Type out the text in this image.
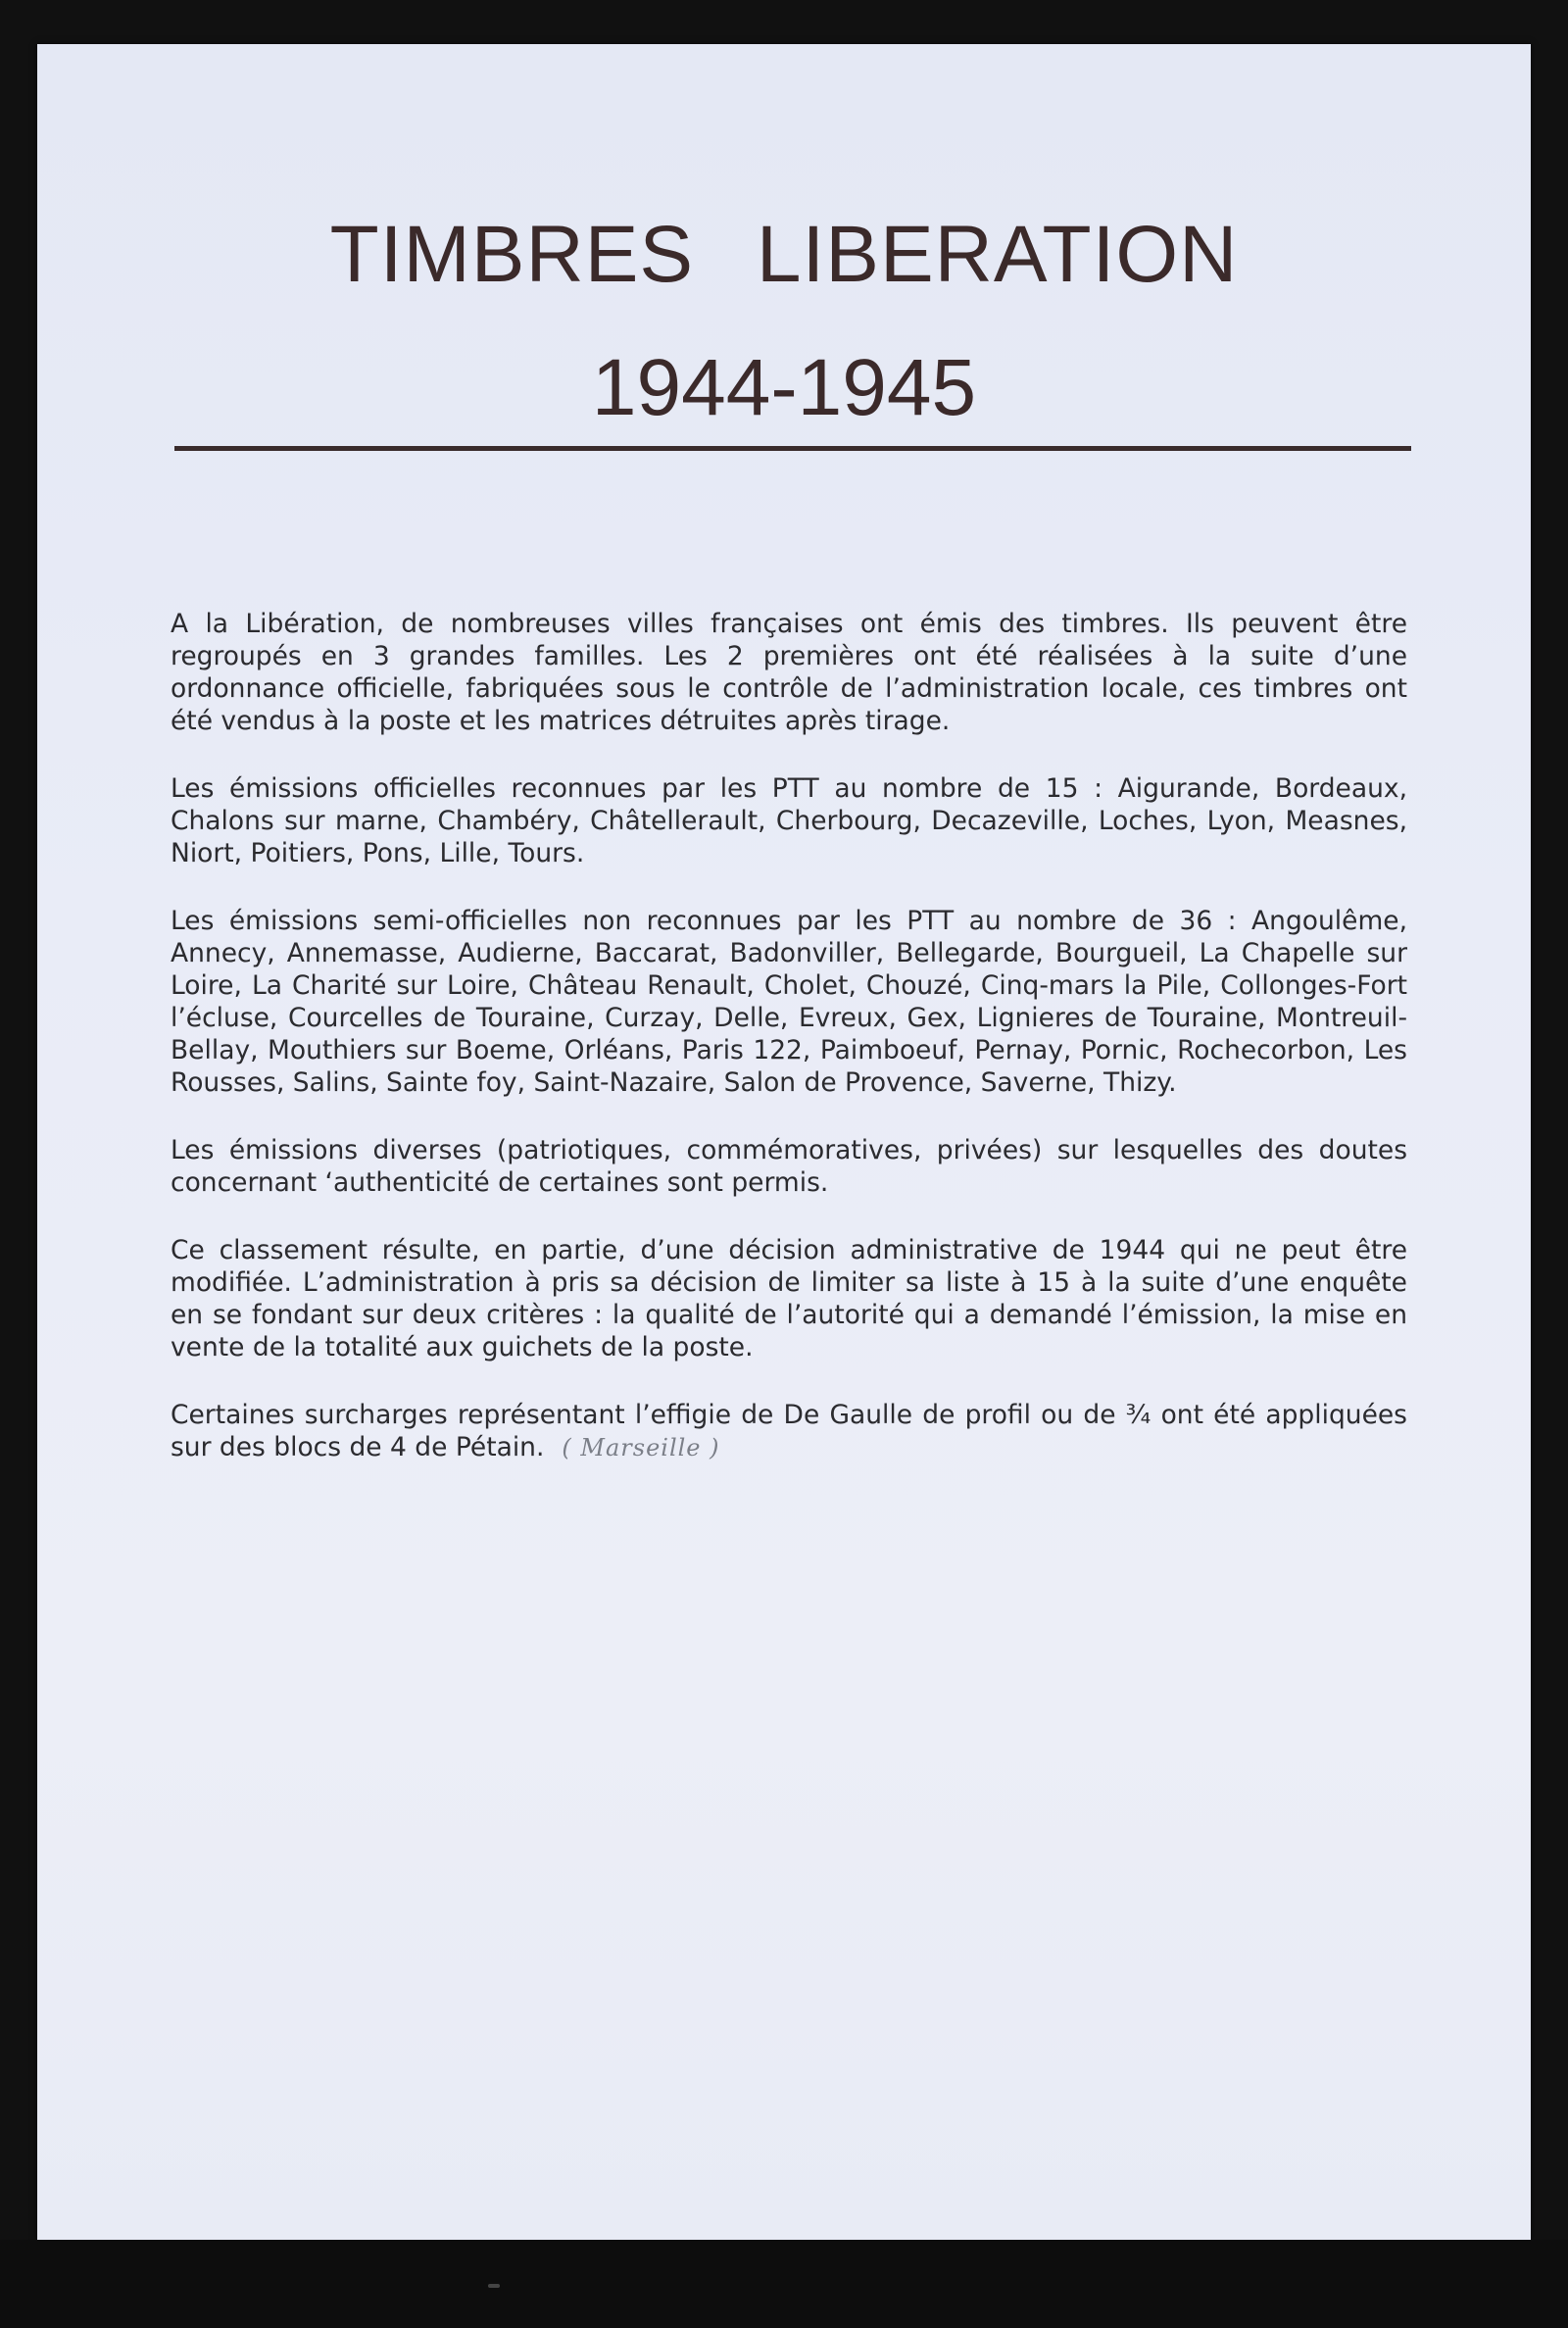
TIMBRES LIBERATION
1944-1945

A la Libération, de nombreuses villes françaises ont émis des timbres. Ils peuvent être regroupés en 3 grandes familles. Les 2 premières ont été réalisées à la suite d’une ordonnance officielle, fabriquées sous le contrôle de l’administration locale, ces timbres ont été vendus à la poste et les matrices détruites après tirage.

Les émissions officielles reconnues par les PTT au nombre de 15 : Aigurande, Bordeaux, Chalons sur marne, Chambéry, Châtellerault, Cherbourg, Decazeville, Loches, Lyon, Measnes, Niort, Poitiers, Pons, Lille, Tours.

Les émissions semi-officielles non reconnues par les PTT au nombre de 36 : Angoulême, Annecy, Annemasse, Audierne, Baccarat, Badonviller, Bellegarde, Bourgueil, La Chapelle sur Loire, La Charité sur Loire, Château Renault, Cholet, Chouzé, Cinq-mars la Pile, Collonges-Fort l’écluse, Courcelles de Touraine, Curzay, Delle, Evreux, Gex, Lignieres de Touraine, Montreuil-Bellay, Mouthiers sur Boeme, Orléans, Paris 122, Paimboeuf, Pernay, Pornic, Rochecorbon, Les Rousses, Salins, Sainte foy, Saint-Nazaire, Salon de Provence, Saverne, Thizy.

Les émissions diverses (patriotiques, commémoratives, privées) sur lesquelles des doutes concernant ‘authenticité de certaines sont permis.

Ce classement résulte, en partie, d’une décision administrative de 1944 qui ne peut être modifiée. L’administration à pris sa décision de limiter sa liste à 15 à la suite d’une enquête en se fondant sur deux critères : la qualité de l’autorité qui a demandé l’émission, la mise en vente de la totalité aux guichets de la poste.

Certaines surcharges représentant l’effigie de De Gaulle de profil ou de ¾ ont été appliquées sur des blocs de 4 de Pétain. ( Marseille )
